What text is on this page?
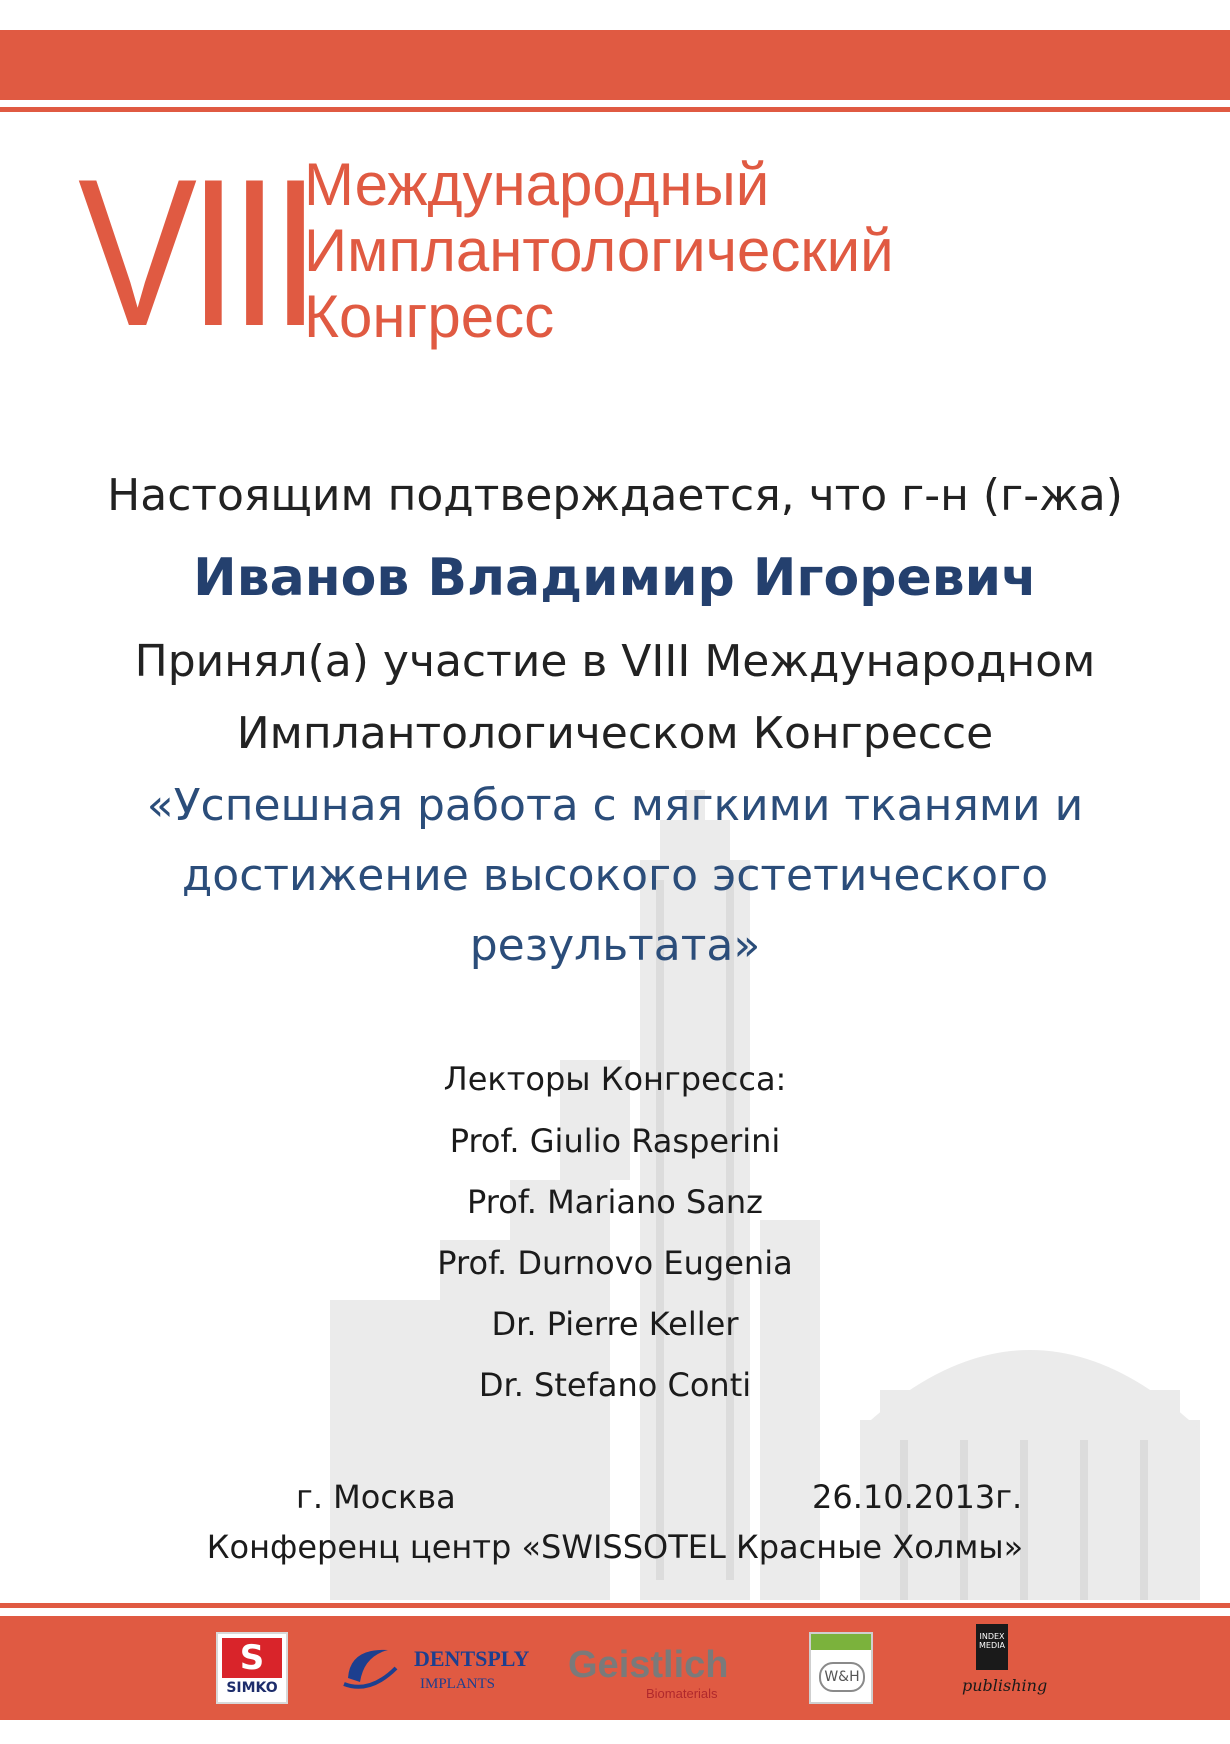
VIII
Международный
Имплантологический
Конгресс
Настоящим подтверждается, что г-н (г-жа)
Иванов Владимир Игоревич
Принял(а) участие в VIII Международном
Имплантологическом Конгрессе
«Успешная работа с мягкими тканями и
достижение высокого эстетического
результата»
Лекторы Конгресса:
Prof. Giulio Rasperini
Prof. Mariano Sanz
Prof. Durnovo Eugenia
Dr. Pierre Keller
Dr. Stefano Conti
г. Москва	26.10.2013г.
Конференц центр «SWISSOTEL Красные Холмы»
S
SIMKO
DENTSPLY
IMPLANTS Geistlich
Biomaterials
W&H
INDEX
MEDIA
publishing
